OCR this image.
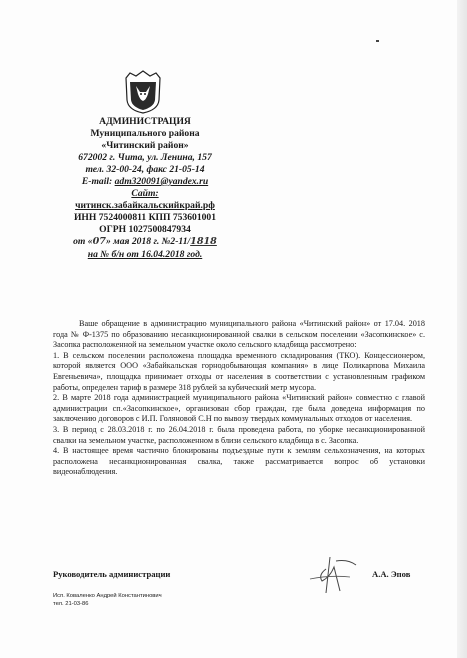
АДМИНИСТРАЦИЯ
Муниципального района
«Читинский район»
672002 г. Чита, ул. Ленина, 157
тел. 32-00-24, факс 21-05-14
E-mail: adm320091@yandex.ru
Сайт:
читинск.забайкальскийкрай.рф
ИНН 7524000811 КПП 753601001
ОГРН 1027500847934
от «07» мая 2018 г. №2-11/1818
на № б/н от 16.04.2018 год.

Ваше обращение в администрацию муниципального района «Читинский район» от 17.04. 2018 года № Ф-1375 по образованию несанкционированной свалки в сельском поселении «Засопкинское» с. Засопка расположенной на земельном участке около сельского кладбища рассмотрено:

1. В сельском поселении расположена площадка временного складирования (ТКО). Концессионером, которой является ООО «Забайкальская горнодобывающая компания» в лице Поликарпова Михаила Евгеньевича», площадка принимает отходы от населения в соответствии с установленным графиком работы, определен тариф в размере 318 рублей за кубический метр мусора.

2. В марте 2018 года администрацией муниципального района «Читинский район» совместно с главой администрации сп.«Засопкинское», организован сбор граждан, где была доведена информация по заключению договоров с И.П. Голяновой С.Н по вывозу твердых коммунальных отходов от населения.

3. В период с 28.03.2018 г. по 26.04.2018 г. была проведена работа, по уборке несанкционированной свалки на земельном участке, расположенном в близи сельского кладбища в с. Засопка.

4. В настоящее время частично блокированы подъездные пути к землям сельхозначения, на которых расположена несанкционированная свалка, также рассматривается вопрос об установки видеонаблюдения.

Руководитель администрации	А.А. Эпов
Исп. Коваленко Андрей Константинович
тел. 21-03-86
